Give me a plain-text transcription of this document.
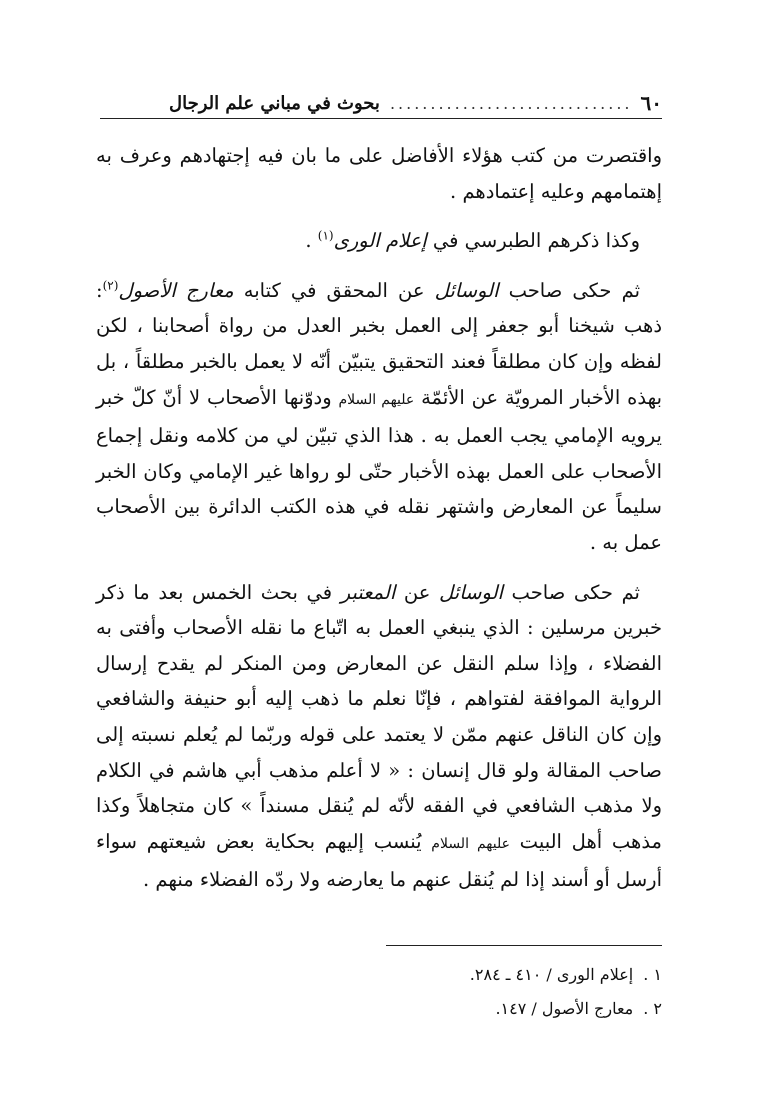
٦٠
..............................
بحوث في مباني علم الرجال

واقتصرت من كتب هؤلاء الأفاضل على ما بان فيه إجتهادهم وعرف به إهتمامهم وعليه إعتمادهم .

وكذا ذكرهم الطبرسي في إعلام الورى$^{(١)}$ .

ثم حكى صاحب الوسائل عن المحقق في كتابه معارج الأصول$^{(٢)}$: ذهب شيخنا أبو جعفر إلى العمل بخبر العدل من رواة أصحابنا ، لكن لفظه وإن كان مطلقاً فعند التحقيق يتبيّن أنّه لا يعمل بالخبر مطلقاً ، بل بهذه الأخبار المرويّة عن الأئمّة عليهم السلام ودوّنها الأصحاب لا أنّ كلّ خبر يرويه الإمامي يجب العمل به . هذا الذي تبيّن لي من كلامه ونقل إجماع الأصحاب على العمل بهذه الأخبار حتّى لو رواها غير الإمامي وكان الخبر سليماً عن المعارض واشتهر نقله في هذه الكتب الدائرة بين الأصحاب عمل به .

ثم حكى صاحب الوسائل عن المعتبر في بحث الخمس بعد ما ذكر خبرين مرسلين : الذي ينبغي العمل به اتّباع ما نقله الأصحاب وأفتى به الفضلاء ، وإذا سلم النقل عن المعارض ومن المنكر لم يقدح إرسال الرواية الموافقة لفتواهم ، فإنّا نعلم ما ذهب إليه أبو حنيفة والشافعي وإن كان الناقل عنهم ممّن لا يعتمد على قوله وربّما لم يُعلم نسبته إلى صاحب المقالة ولو قال إنسان : « لا أعلم مذهب أبي هاشم في الكلام ولا مذهب الشافعي في الفقه لأنّه لم يُنقل مسنداً » كان متجاهلاً وكذا مذهب أهل البيت عليهم السلام يُنسب إليهم بحكاية بعض شيعتهم سواء أرسل أو أسند إذا لم يُنقل عنهم ما يعارضه ولا ردّه الفضلاء منهم .

١ .
إعلام الورى / ٤١٠ ـ ٢٨٤.
٢ .
معارج الأصول / ١٤٧.
